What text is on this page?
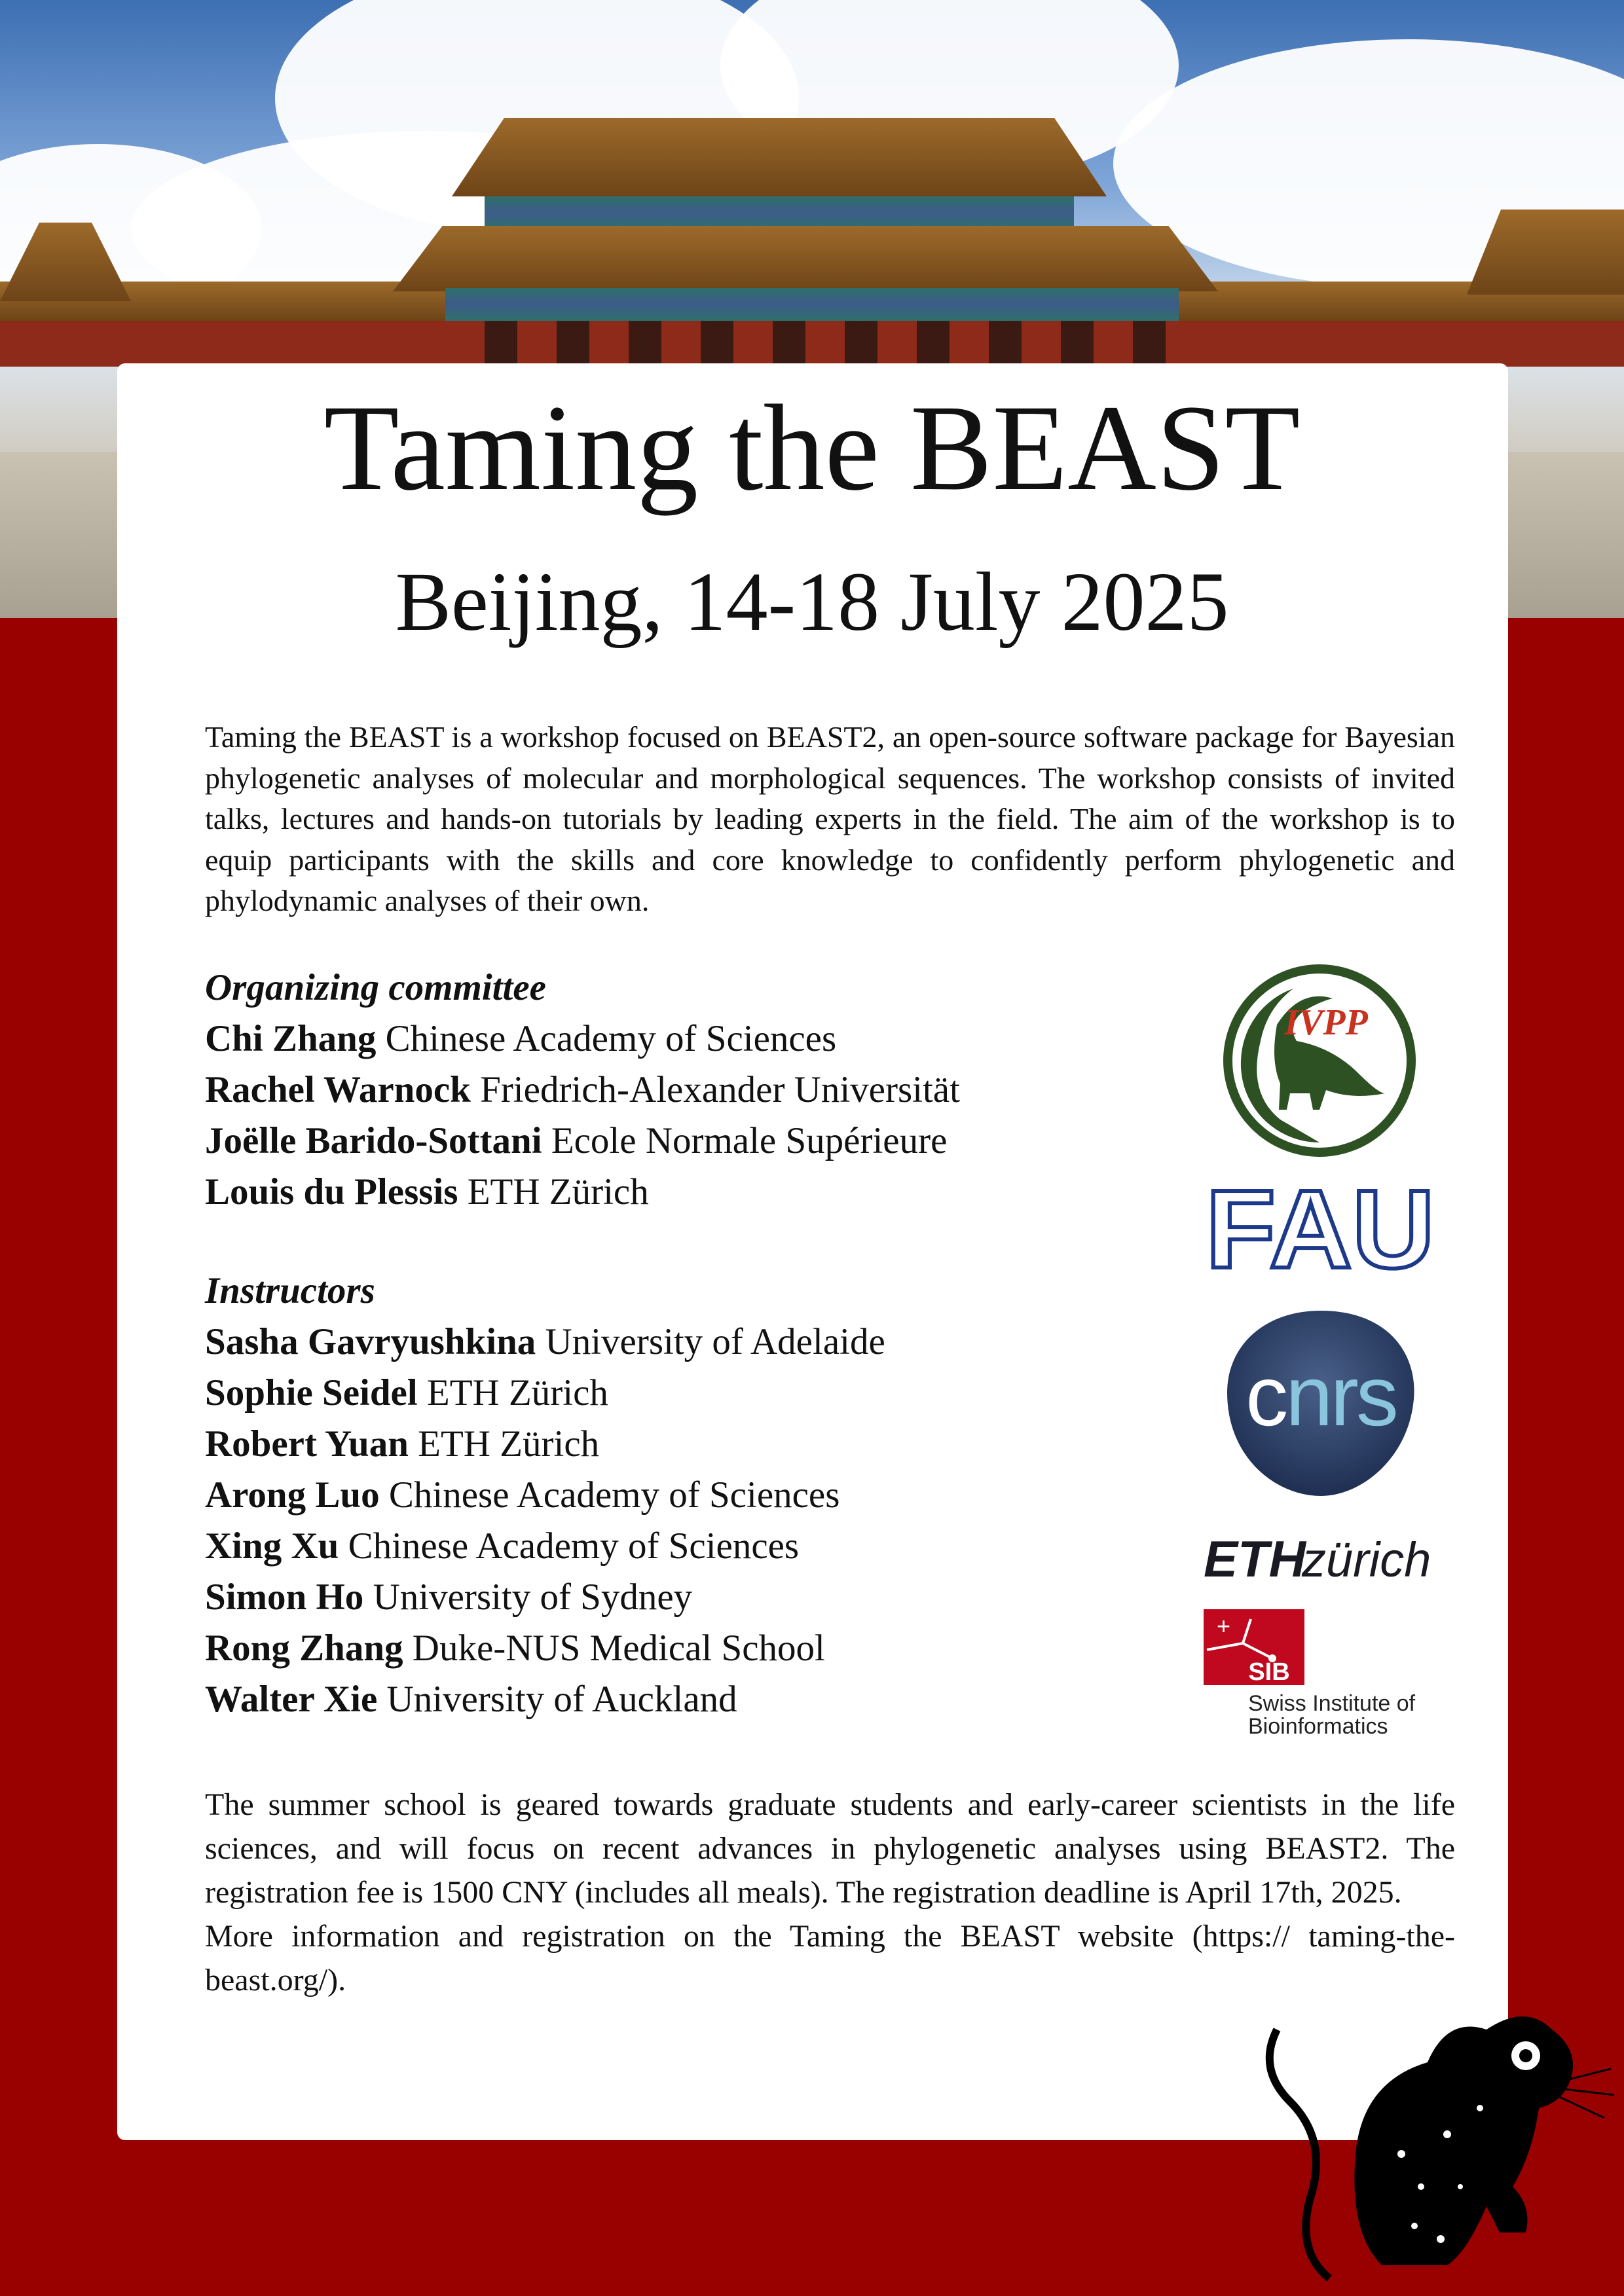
Taming the BEAST
Beijing, 14-18 July 2025

Taming the BEAST is a workshop focused on BEAST2, an open-source software package for Bayesian phylogenetic analyses of molecular and morphological sequences. The workshop consists of invited talks, lectures and hands-on tutorials by leading experts in the field. The aim of the workshop is to equip participants with the skills and core knowledge to confidently perform phylogenetic and phylodynamic analyses of their own.

Organizing committee
Chi Zhang Chinese Academy of Sciences
Rachel Warnock Friedrich-Alexander Universität
Joëlle Barido-Sottani Ecole Normale Supérieure
Louis du Plessis ETH Zürich
Instructors
Sasha Gavryushkina University of Adelaide
Sophie Seidel ETH Zürich
Robert Yuan ETH Zürich
Arong Luo Chinese Academy of Sciences
Xing Xu Chinese Academy of Sciences
Simon Ho University of Sydney
Rong Zhang Duke-NUS Medical School
Walter Xie University of Auckland
The summer school is geared towards graduate students and early-career scientists in the life sciences, and will focus on recent advances in phylogenetic analyses using BEAST2. The registration fee is 1500 CNY (includes all meals). The registration deadline is April 17th, 2025.
More information and registration on the Taming the BEAST website (https:// taming-the-beast.org/).
IVPP
FAU
cnrs
ETH
zürich
+
SIB
Swiss Institute of
Bioinformatics
